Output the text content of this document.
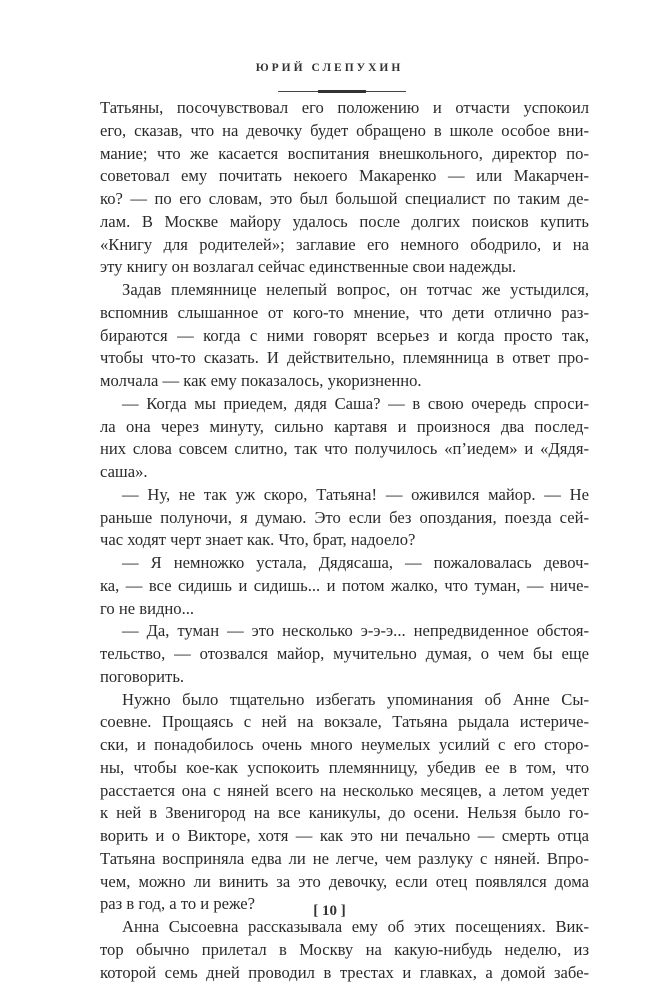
ЮРИЙ СЛЕПУХИН
Татьяны, посочувствовал его положению и отчасти успокоил
его, сказав, что на девочку будет обращено в школе особое вни-
мание; что же касается воспитания внешкольного, директор по-
советовал ему почитать некоего Макаренко — или Макарчен-
ко? — по его словам, это был большой специалист по таким де-
лам. В Москве майору удалось после долгих поисков купить
«Книгу для родителей»; заглавие его немного ободрило, и на
эту книгу он возлагал сейчас единственные свои надежды.
Задав племяннице нелепый вопрос, он тотчас же устыдился,
вспомнив слышанное от кого-то мнение, что дети отлично раз-
бираются — когда с ними говорят всерьез и когда просто так,
чтобы что-то сказать. И действительно, племянница в ответ про-
молчала — как ему показалось, укоризненно.
— Когда мы приедем, дядя Саша? — в свою очередь спроси-
ла она через минуту, сильно картавя и произнося два послед-
них слова совсем слитно, так что получилось «п’иедем» и «Дядя-
саша».
— Ну, не так уж скоро, Татьяна! — оживился майор. — Не
раньше полуночи, я думаю. Это если без опоздания, поезда сей-
час ходят черт знает как. Что, брат, надоело?
— Я немножко устала, Дядясаша, — пожаловалась девоч-
ка, — все сидишь и сидишь... и потом жалко, что туман, — ниче-
го не видно...
— Да, туман — это несколько э-э-э... непредвиденное обстоя-
тельство, — отозвался майор, мучительно думая, о чем бы еще
поговорить.
Нужно было тщательно избегать упоминания об Анне Сы-
соевне. Прощаясь с ней на вокзале, Татьяна рыдала истериче-
ски, и понадобилось очень много неумелых усилий с его сторо-
ны, чтобы кое-как успокоить племянницу, убедив ее в том, что
расстается она с няней всего на несколько месяцев, а летом уедет
к ней в Звенигород на все каникулы, до осени. Нельзя было го-
ворить и о Викторе, хотя — как это ни печально — смерть отца
Татьяна восприняла едва ли не легче, чем разлуку с няней. Впро-
чем, можно ли винить за это девочку, если отец появлялся дома
раз в год, а то и реже?
Анна Сысоевна рассказывала ему об этих посещениях. Вик-
тор обычно прилетал в Москву на какую-нибудь неделю, из
которой семь дней проводил в трестах и главках, а домой забе-
[ 10 ]
